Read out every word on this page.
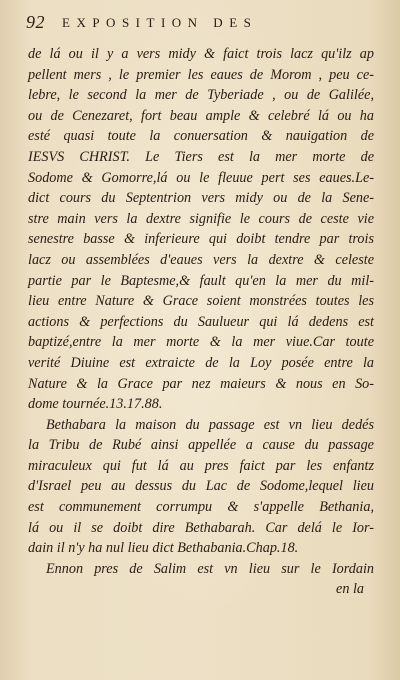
92 EXPOSITION DES
de lá ou il y a vers midy & faict trois lacz qu'ilz ap
pellent mers , le premier les eaues de Morom , peu ce-
lebre, le second la mer de Tyberiade , ou de Galilée,
ou de Cenezaret, fort beau ample & celebré lá ou ha
esté quasi toute la conuersation & nauigation de
IESVS CHRIST. Le Tiers est la mer morte de
Sodome & Gomorre,lá ou le fleuue pert ses eaues.Le-
dict cours du Septentrion vers midy ou de la Sene-
stre main vers la dextre signifie le cours de ceste vie
senestre basse & inferieure qui doibt tendre par trois
lacz ou assemblées d'eaues vers la dextre & celeste
partie par le Baptesme,& fault qu'en la mer du mil-
lieu entre Nature & Grace soient monstrées toutes les
actions & perfections du Saulueur qui lá dedens est
baptizé,entre la mer morte & la mer viue.Car toute
verité Diuine est extraicte de la Loy posée entre la
Nature & la Grace par nez maieurs & nous en So-
dome tournée.13.17.88.
Bethabara la maison du passage est vn lieu dedés
la Tribu de Rubé ainsi appellée a cause du passage
miraculeux qui fut lá au pres faict par les enfantz
d'Israel peu au dessus du Lac de Sodome,lequel lieu
est communement corrumpu & s'appelle Bethania,
lá ou il se doibt dire Bethabarah. Car delá le Ior-
dain il n'y ha nul lieu dict Bethabania.Chap.18.
Ennon pres de Salim est vn lieu sur le Iordain
en la
